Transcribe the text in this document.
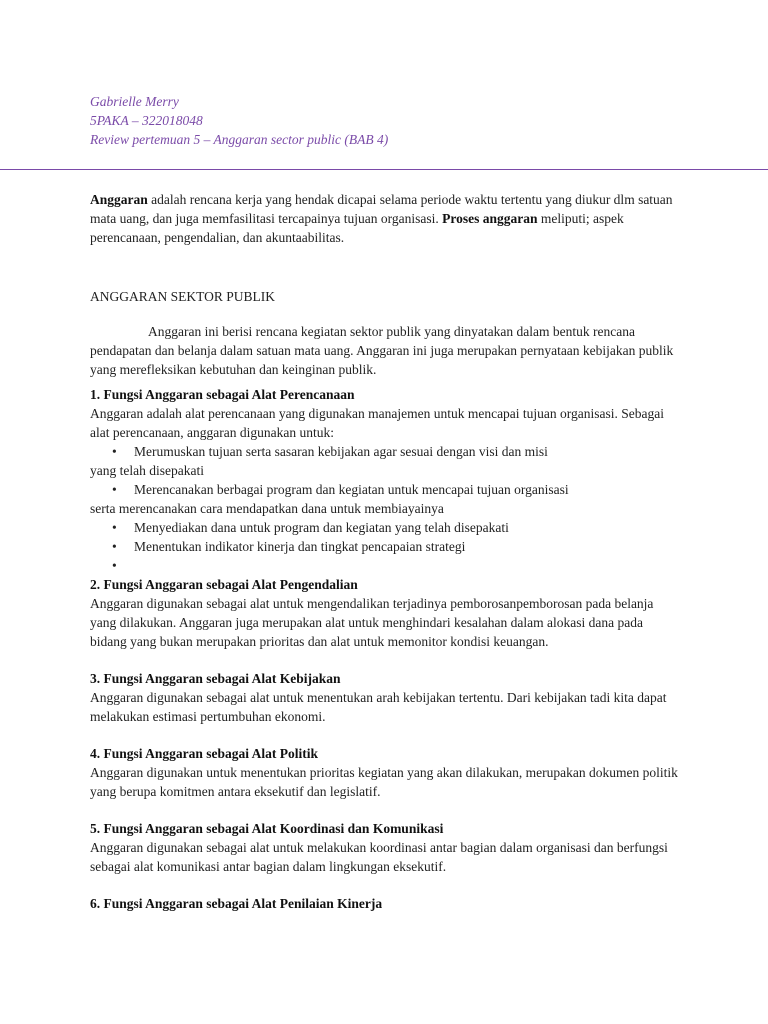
Gabrielle Merry
5PAKA – 322018048
Review pertemuan 5 – Anggaran sector public (BAB 4)

Anggaran adalah rencana kerja yang hendak dicapai selama periode waktu tertentu yang diukur dlm satuan mata uang, dan juga memfasilitasi tercapainya tujuan organisasi. Proses anggaran meliputi; aspek perencanaan, pengendalian, dan akuntaabilitas.

ANGGARAN SEKTOR PUBLIK

Anggaran ini berisi rencana kegiatan sektor publik yang dinyatakan dalam bentuk rencana pendapatan dan belanja dalam satuan mata uang. Anggaran ini juga merupakan pernyataan kebijakan publik yang merefleksikan kebutuhan dan keinginan publik.

1. Fungsi Anggaran sebagai Alat Perencanaan

Anggaran adalah alat perencanaan yang digunakan manajemen untuk mencapai tujuan organisasi. Sebagai alat perencanaan, anggaran digunakan untuk:

•	Merumuskan tujuan serta sasaran kebijakan agar sesuai dengan visi dan misi

yang telah disepakati

•	Merencanakan berbagai program dan kegiatan untuk mencapai tujuan organisasi

serta merencanakan cara mendapatkan dana untuk membiayainya

•	Menyediakan dana untuk program dan kegiatan yang telah disepakati
•	Menentukan indikator kinerja dan tingkat pencapaian strategi
•

2. Fungsi Anggaran sebagai Alat Pengendalian

Anggaran digunakan sebagai alat untuk mengendalikan terjadinya pemborosanpemborosan pada belanja yang dilakukan. Anggaran juga merupakan alat untuk menghindari kesalahan dalam alokasi dana pada bidang yang bukan merupakan prioritas dan alat untuk memonitor kondisi keuangan.

3. Fungsi Anggaran sebagai Alat Kebijakan

Anggaran digunakan sebagai alat untuk menentukan arah kebijakan tertentu. Dari kebijakan tadi kita dapat melakukan estimasi pertumbuhan ekonomi.

4. Fungsi Anggaran sebagai Alat Politik

Anggaran digunakan untuk menentukan prioritas kegiatan yang akan dilakukan, merupakan dokumen politik yang berupa komitmen antara eksekutif dan legislatif.

5. Fungsi Anggaran sebagai Alat Koordinasi dan Komunikasi

Anggaran digunakan sebagai alat untuk melakukan koordinasi antar bagian dalam organisasi dan berfungsi sebagai alat komunikasi antar bagian dalam lingkungan eksekutif.

6. Fungsi Anggaran sebagai Alat Penilaian Kinerja
